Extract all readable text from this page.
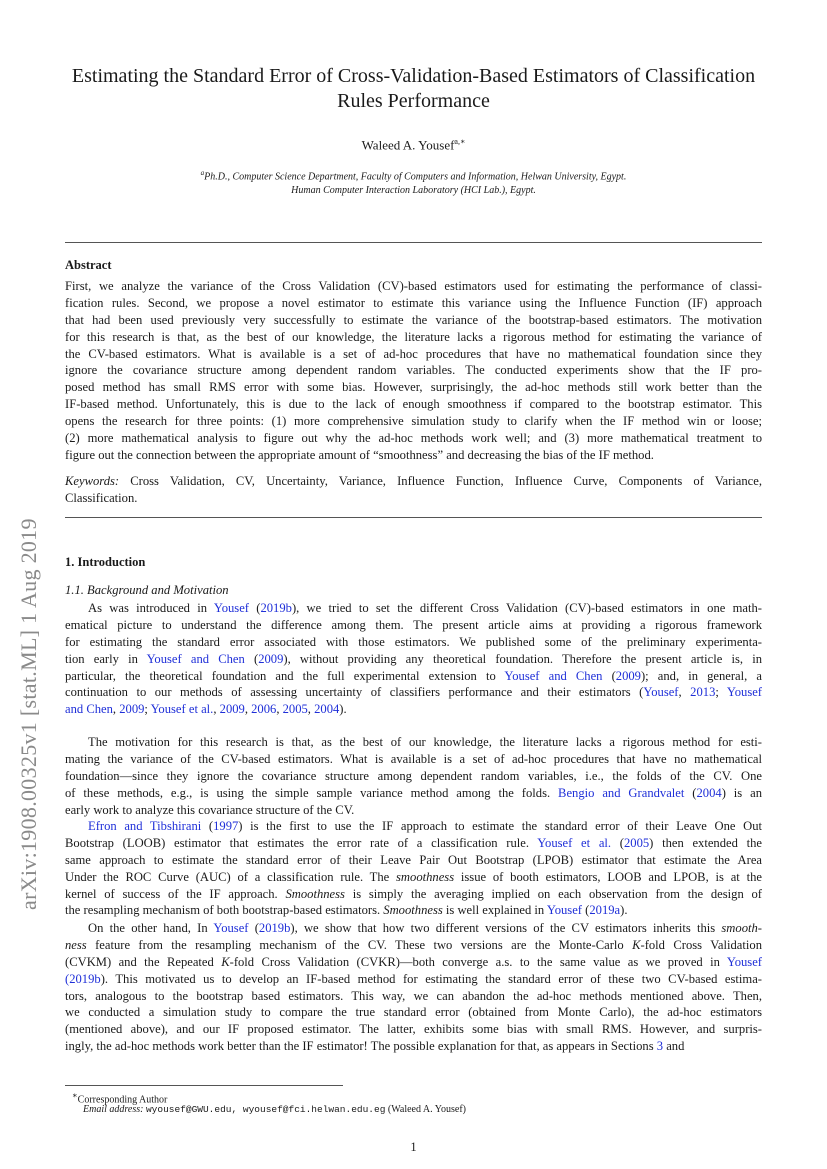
arXiv:1908.00325v1 [stat.ML] 1 Aug 2019
Estimating the Standard Error of Cross-Validation-Based Estimators of Classification
Rules Performance
Waleed A. Yousef$^{a,∗}$
$^a$Ph.D., Computer Science Department, Faculty of Computers and Information, Helwan University, Egypt.
Human Computer Interaction Laboratory (HCI Lab.), Egypt.
Abstract
First, we analyze the variance of the Cross Validation (CV)-based estimators used for estimating the performance of classi-
fication rules. Second, we propose a novel estimator to estimate this variance using the Influence Function (IF) approach
that had been used previously very successfully to estimate the variance of the bootstrap-based estimators. The motivation
for this research is that, as the best of our knowledge, the literature lacks a rigorous method for estimating the variance of
the CV-based estimators. What is available is a set of ad-hoc procedures that have no mathematical foundation since they
ignore the covariance structure among dependent random variables. The conducted experiments show that the IF pro-
posed method has small RMS error with some bias. However, surprisingly, the ad-hoc methods still work better than the
IF-based method. Unfortunately, this is due to the lack of enough smoothness if compared to the bootstrap estimator. This
opens the research for three points: (1) more comprehensive simulation study to clarify when the IF method win or loose;
(2) more mathematical analysis to figure out why the ad-hoc methods work well; and (3) more mathematical treatment to
figure out the connection between the appropriate amount of “smoothness” and decreasing the bias of the IF method.
Keywords: Cross Validation, CV, Uncertainty, Variance, Influence Function, Influence Curve, Components of Variance,
Classification.
1. Introduction
1.1. Background and Motivation
As was introduced in Yousef (2019b), we tried to set the different Cross Validation (CV)-based estimators in one math-
ematical picture to understand the difference among them. The present article aims at providing a rigorous framework
for estimating the standard error associated with those estimators. We published some of the preliminary experimenta-
tion early in Yousef and Chen (2009), without providing any theoretical foundation. Therefore the present article is, in
particular, the theoretical foundation and the full experimental extension to Yousef and Chen (2009); and, in general, a
continuation to our methods of assessing uncertainty of classifiers performance and their estimators (Yousef, 2013; Yousef
and Chen, 2009; Yousef et al., 2009, 2006, 2005, 2004).
The motivation for this research is that, as the best of our knowledge, the literature lacks a rigorous method for esti-
mating the variance of the CV-based estimators. What is available is a set of ad-hoc procedures that have no mathematical
foundation—since they ignore the covariance structure among dependent random variables, i.e., the folds of the CV. One
of these methods, e.g., is using the simple sample variance method among the folds. Bengio and Grandvalet (2004) is an
early work to analyze this covariance structure of the CV.
Efron and Tibshirani (1997) is the first to use the IF approach to estimate the standard error of their Leave One Out
Bootstrap (LOOB) estimator that estimates the error rate of a classification rule. Yousef et al. (2005) then extended the
same approach to estimate the standard error of their Leave Pair Out Bootstrap (LPOB) estimator that estimate the Area
Under the ROC Curve (AUC) of a classification rule. The smoothness issue of booth estimators, LOOB and LPOB, is at the
kernel of success of the IF approach. Smoothness is simply the averaging implied on each observation from the design of
the resampling mechanism of both bootstrap-based estimators. Smoothness is well explained in Yousef (2019a).
On the other hand, In Yousef (2019b), we show that how two different versions of the CV estimators inherits this smooth-
ness feature from the resampling mechanism of the CV. These two versions are the Monte-Carlo K-fold Cross Validation
(CVKM) and the Repeated K-fold Cross Validation (CVKR)—both converge a.s. to the same value as we proved in Yousef
(2019b). This motivated us to develop an IF-based method for estimating the standard error of these two CV-based estima-
tors, analogous to the bootstrap based estimators. This way, we can abandon the ad-hoc methods mentioned above. Then,
we conducted a simulation study to compare the true standard error (obtained from Monte Carlo), the ad-hoc estimators
(mentioned above), and our IF proposed estimator. The latter, exhibits some bias with small RMS. However, and surpris-
ingly, the ad-hoc methods work better than the IF estimator! The possible explanation for that, as appears in Sections 3 and
∗Corresponding Author
Email address: wyousef@GWU.edu, wyousef@fci.helwan.edu.eg (Waleed A. Yousef)
1
